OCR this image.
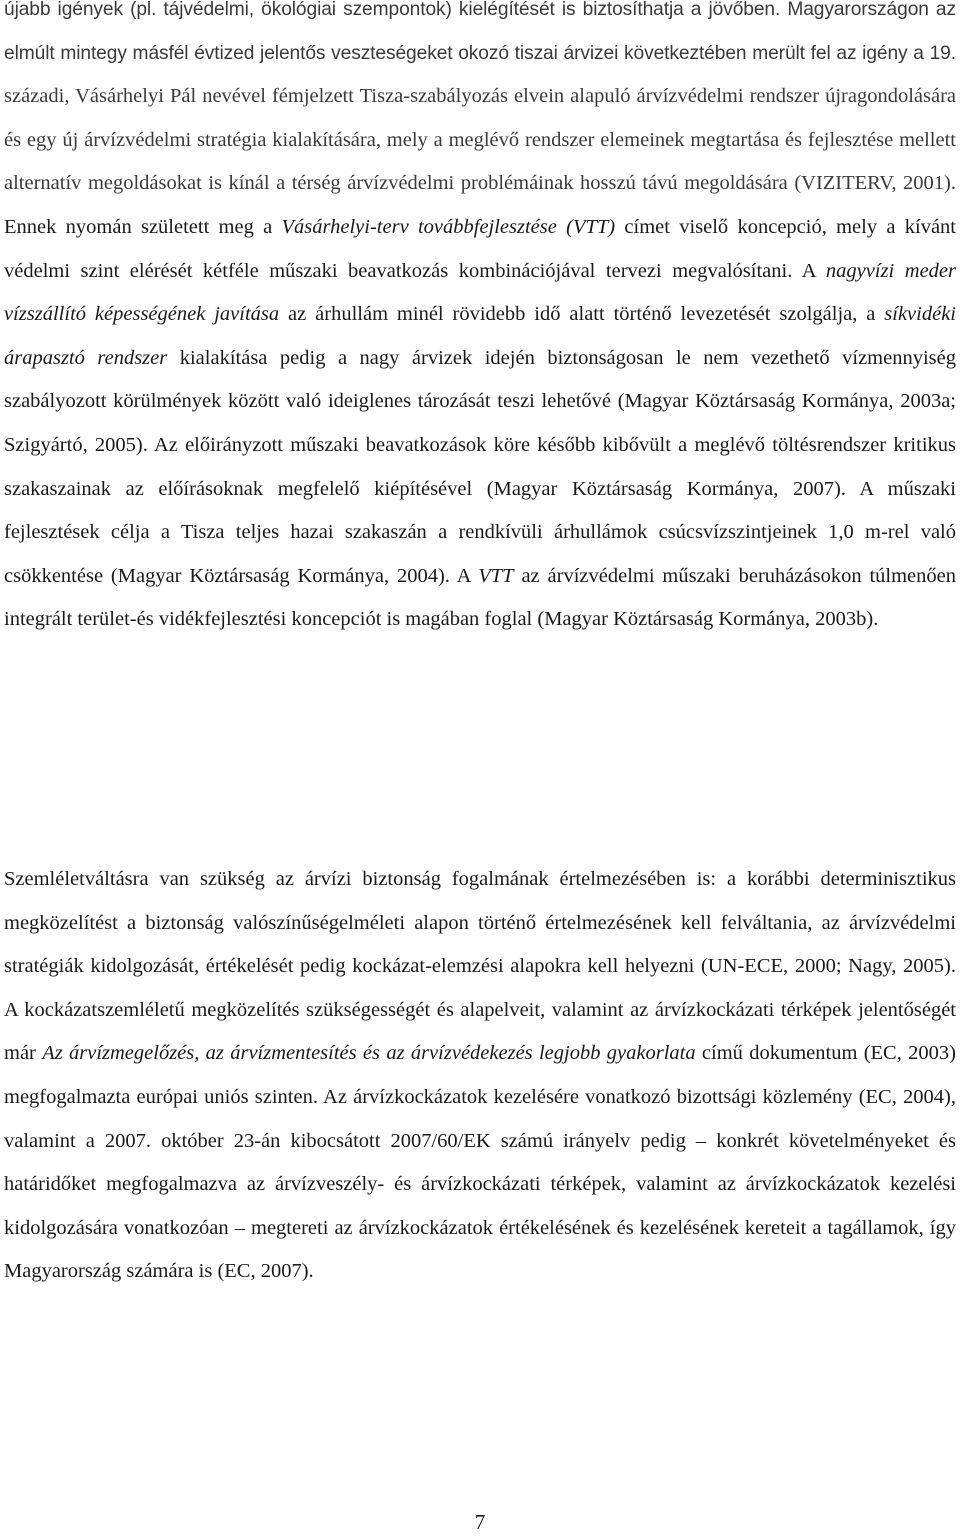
újabb igények (pl. tájvédelmi, ökológiai szempontok) kielégítését is biztosíthatja a jövőben. Magyarországon az elmúlt mintegy másfél évtized jelentős veszteségeket okozó tiszai árvizei következtében merült fel az igény a 19. századi, Vásárhelyi Pál nevével fémjelzett Tisza-szabályozás elvein alapuló árvízvédelmi rendszer újragondolására és egy új árvízvédelmi stratégia kialakítására, mely a meglévő rendszer elemeinek megtartása és fejlesztése mellett alternatív megoldásokat is kínál a térség árvízvédelmi problémáinak hosszú távú megoldására (VIZITERV, 2001). Ennek nyomán született meg a Vásárhelyi-terv továbbfejlesztése (VTT) címet viselő koncepció, mely a kívánt védelmi szint elérését kétféle műszaki beavatkozás kombinációjával tervezi megvalósítani. A nagyvízi meder vízszállító képességének javítása az árhullám minél rövidebb idő alatt történő levezetését szolgálja, a síkvidéki árapasztó rendszer kialakítása pedig a nagy árvizek idején biztonságosan le nem vezethető vízmennyiség szabályozott körülmények között való ideiglenes tározását teszi lehetővé (Magyar Köztársaság Kormánya, 2003a; Szigyártó, 2005). Az előirányzott műszaki beavatkozások köre később kibővült a meglévő töltésrendszer kritikus szakaszainak az előírásoknak megfelelő kiépítésével (Magyar Köztársaság Kormánya, 2007). A műszaki fejlesztések célja a Tisza teljes hazai szakaszán a rendkívüli árhullámok csúcsvízszintjeinek 1,0 m-rel való csökkentése (Magyar Köztársaság Kormánya, 2004). A VTT az árvízvédelmi műszaki beruházásokon túlmenően integrált terület-és vidékfejlesztési koncepciót is magában foglal (Magyar Köztársaság Kormánya, 2003b).

Szemléletváltásra van szükség az árvízi biztonság fogalmának értelmezésében is: a korábbi determinisztikus megközelítést a biztonság valószínűségelméleti alapon történő értelmezésének kell felváltania, az árvízvédelmi stratégiák kidolgozását, értékelését pedig kockázat-elemzési alapokra kell helyezni (UN-ECE, 2000; Nagy, 2005). A kockázatszemléletű megközelítés szükségességét és alapelveit, valamint az árvízkockázati térképek jelentőségét már Az árvízmegelőzés, az árvízmentesítés és az árvízvédekezés legjobb gyakorlata című dokumentum (EC, 2003) megfogalmazta európai uniós szinten. Az árvízkockázatok kezelésére vonatkozó bizottsági közlemény (EC, 2004), valamint a 2007. október 23-án kibocsátott 2007/60/EK számú irányelv pedig – konkrét követelményeket és határidőket megfogalmazva az árvízveszély- és árvízkockázati térképek, valamint az árvízkockázatok kezelési kidolgozására vonatkozóan – megtereti az árvízkockázatok értékelésének és kezelésének kereteit a tagállamok, így Magyarország számára is (EC, 2007).

7
